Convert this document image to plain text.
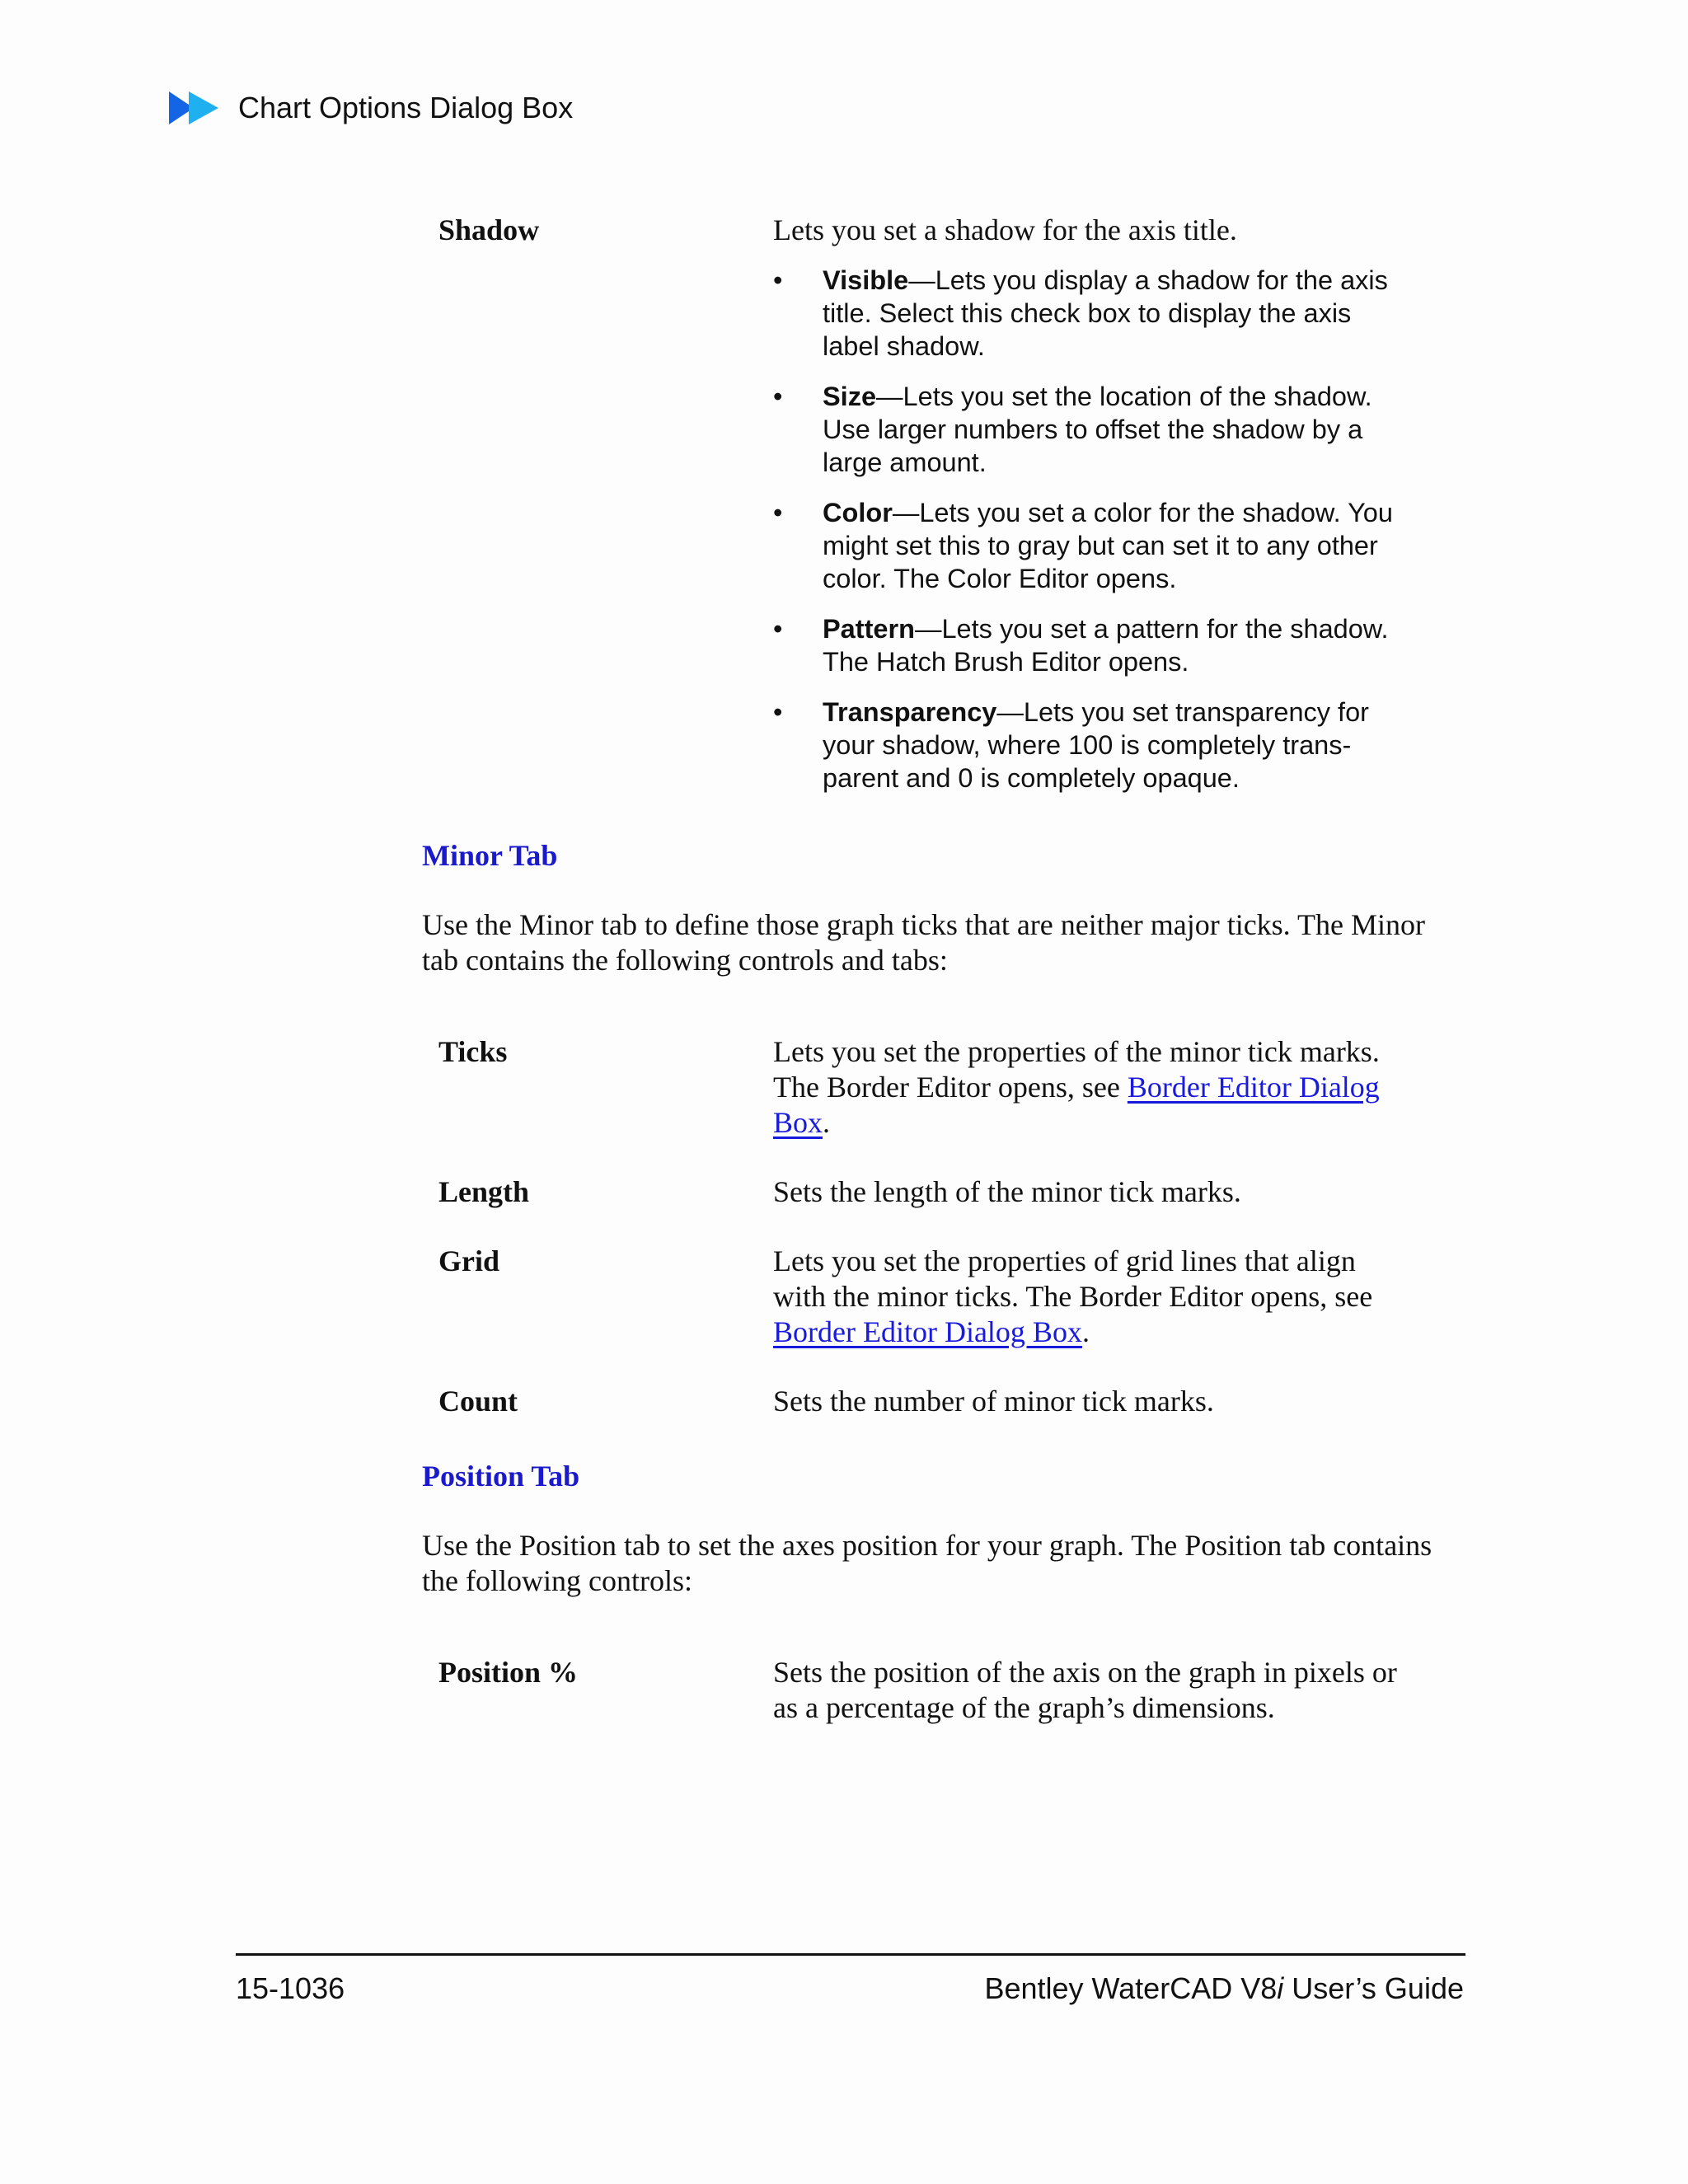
Chart Options Dialog Box
Shadow	Lets you set a shadow for the axis title.
• Visible—Lets you display a shadow for the axis title. Select this check box to display the axis label shadow.
• Size—Lets you set the location of the shadow. Use larger numbers to offset the shadow by a large amount.
• Color—Lets you set a color for the shadow. You might set this to gray but can set it to any other color. The Color Editor opens.
• Pattern—Lets you set a pattern for the shadow. The Hatch Brush Editor opens.
• Transparency—Lets you set transparency for your shadow, where 100 is completely transparent and 0 is completely opaque.
Minor Tab
Use the Minor tab to define those graph ticks that are neither major ticks. The Minor tab contains the following controls and tabs:
Ticks	Lets you set the properties of the minor tick marks. The Border Editor opens, see Border Editor Dialog Box.
Length	Sets the length of the minor tick marks.
Grid	Lets you set the properties of grid lines that align with the minor ticks. The Border Editor opens, see Border Editor Dialog Box.
Count	Sets the number of minor tick marks.
Position Tab
Use the Position tab to set the axes position for your graph. The Position tab contains the following controls:
Position %	Sets the position of the axis on the graph in pixels or as a percentage of the graph’s dimensions.
15-1036	Bentley WaterCAD V8i User’s Guide
